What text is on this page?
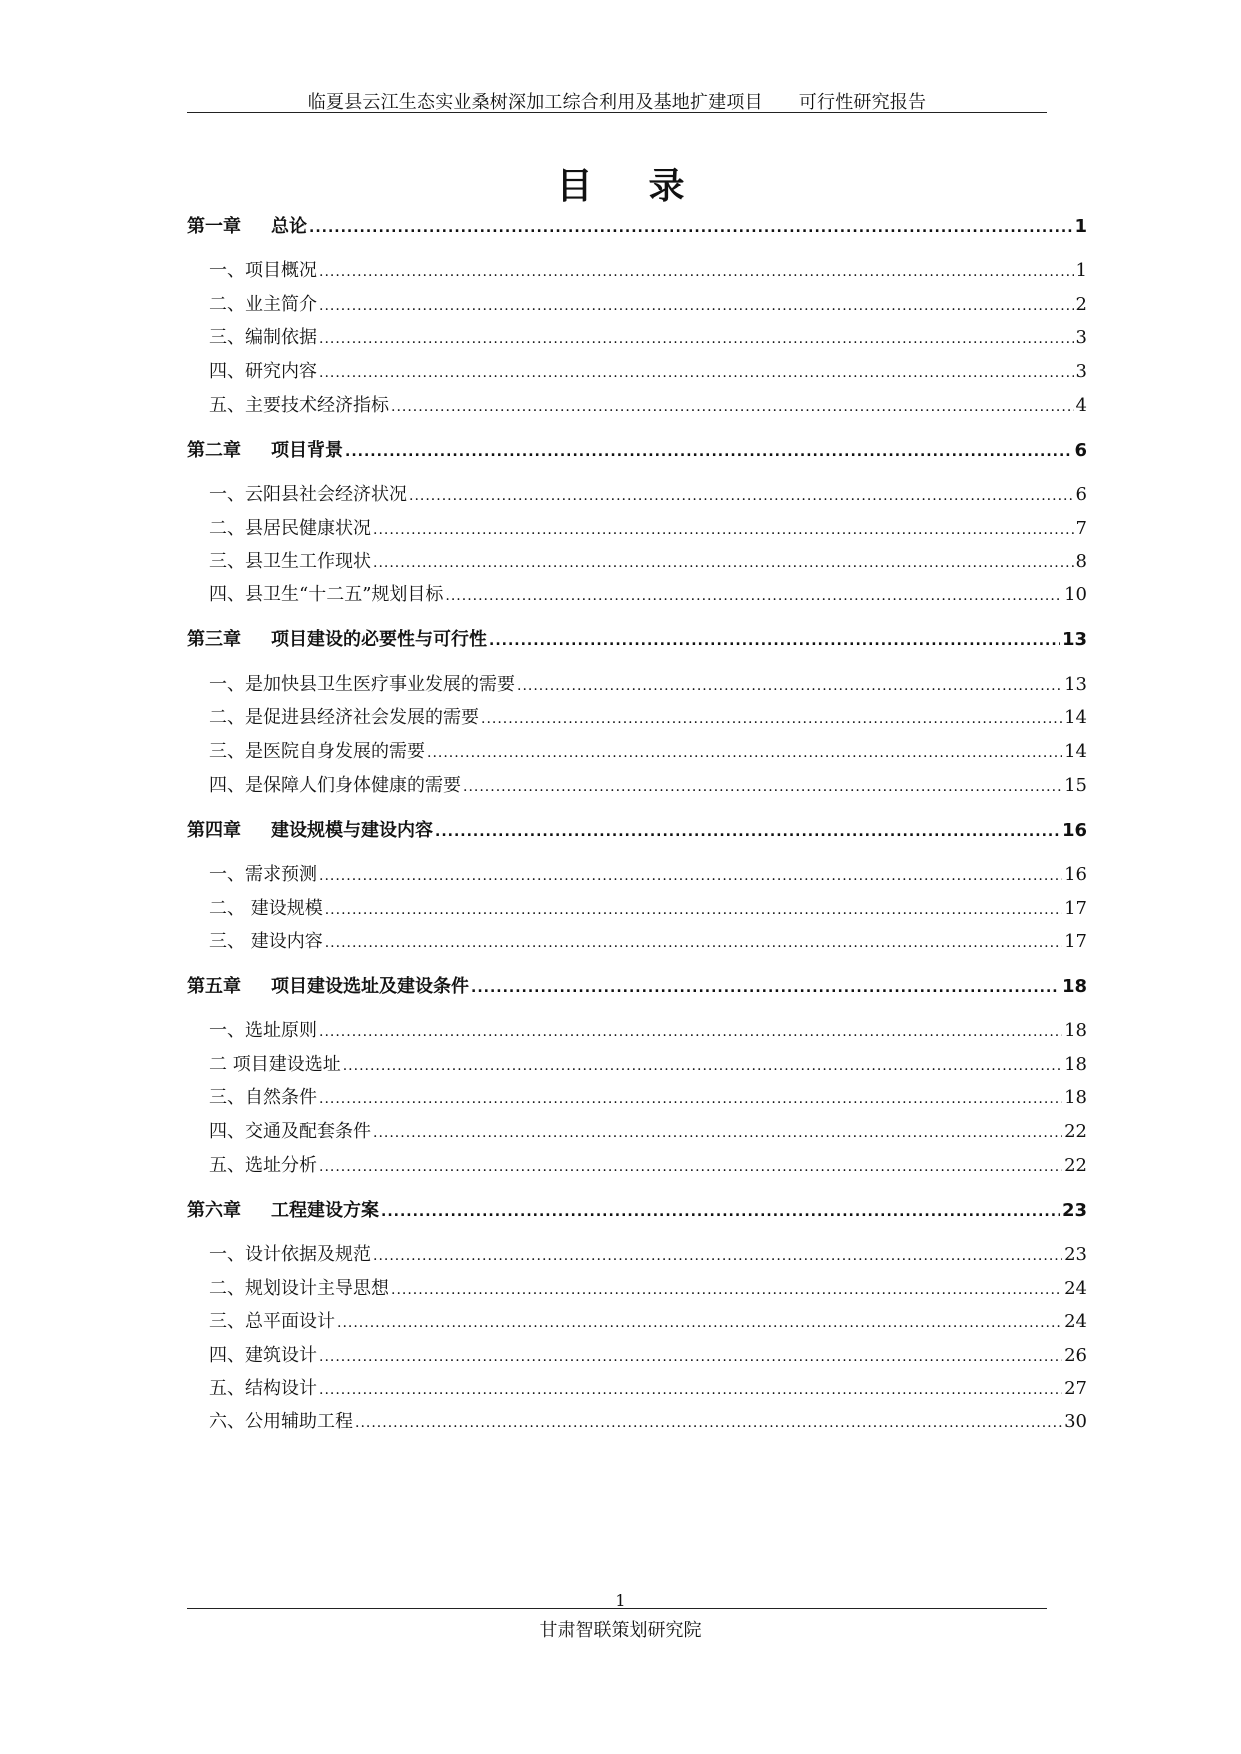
临夏县云江生态实业桑树深加工综合利用及基地扩建项目 可行性研究报告
目录
第一章	总论 .....	1
一、项目概况 .....	1
二、业主简介 .....	2
三、编制依据 .....	3
四、研究内容 .....	3
五、主要技术经济指标 .....	4
第二章	项目背景 .....	6
一、云阳县社会经济状况 .....	6
二、县居民健康状况 .....	7
三、县卫生工作现状 .....	8
四、县卫生“十二五”规划目标 .....	10
第三章	项目建设的必要性与可行性 .....	13
一、是加快县卫生医疗事业发展的需要 .....	13
二、是促进县经济社会发展的需要 .....	14
三、是医院自身发展的需要 .....	14
四、是保障人们身体健康的需要 .....	15
第四章	建设规模与建设内容 .....	16
一、需求预测 .....	16
二、 建设规模 .....	17
三、 建设内容 .....	17
第五章	项目建设选址及建设条件 .....	18
一、选址原则 .....	18
二 项目建设选址 .....	18
三、自然条件 .....	18
四、交通及配套条件 .....	22
五、选址分析 .....	22
第六章	工程建设方案 .....	23
一、设计依据及规范 .....	23
二、规划设计主导思想 .....	24
三、总平面设计 .....	24
四、建筑设计 .....	26
五、结构设计 .....	27
六、公用辅助工程 .....	30
1
甘肃智联策划研究院
